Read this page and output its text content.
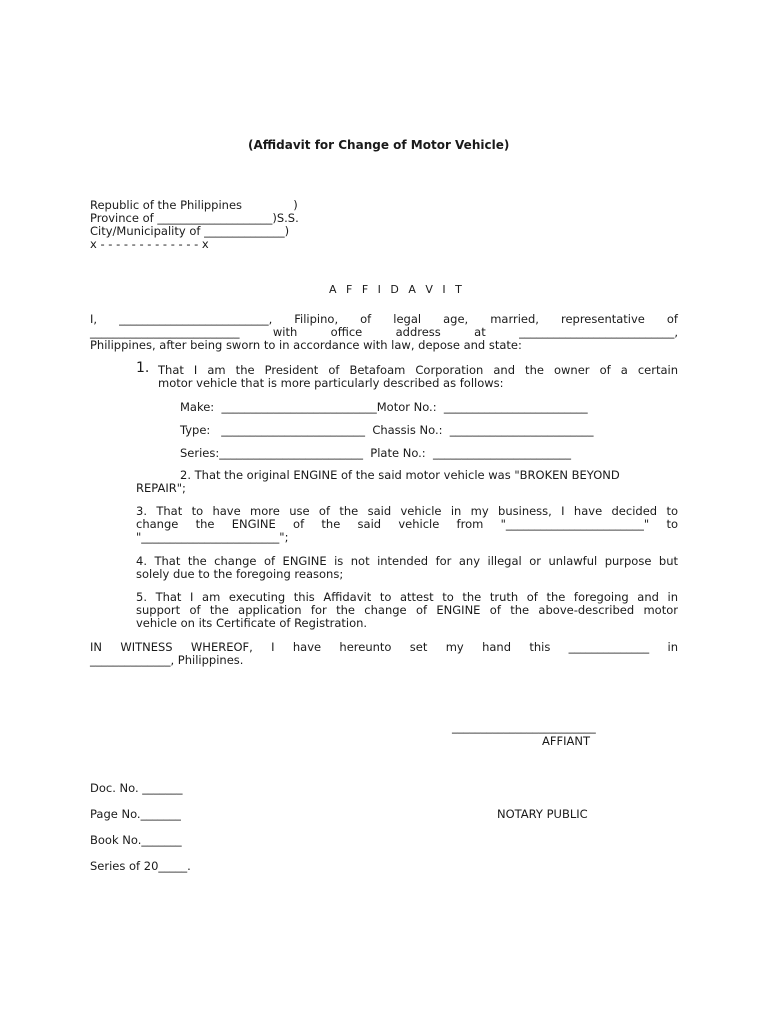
(Affidavit for Change of Motor Vehicle)
Republic of the Philippines              )
Province of ____________________)S.S.
City/Municipality of ______________)
x - - - - - - - - - - - - - x
A F F I D A V I T
I, __________________________, Filipino, of legal age, married, representative of
__________________________ with office address at ___________________________,
Philippines, after being sworn to in accordance with law, depose and state:
1. That I am the President of Betafoam Corporation and the owner of a certain
motor vehicle that is more particularly described as follows:
Make:  ___________________________Motor No.:  _________________________
Type:   _________________________  Chassis No.:  _________________________
Series:_________________________  Plate No.:  ________________________
2. That the original ENGINE of the said motor vehicle was "BROKEN BEYOND
REPAIR";
3. That to have more use of the said vehicle in my business, I have decided to
change the ENGINE of the said vehicle from "________________________" to
"________________________";
4. That the change of ENGINE is not intended for any illegal or unlawful purpose but
solely due to the foregoing reasons;
5. That I am executing this Affidavit to attest to the truth of the foregoing and in
support of the application for the change of ENGINE of the above-described motor
vehicle on its Certificate of Registration.
IN WITNESS WHEREOF, I have hereunto set my hand this ______________ in
______________, Philippines.
_________________________
AFFIANT
Doc. No. _______
Page No._______
Book No._______
Series of 20_____.
NOTARY PUBLIC
